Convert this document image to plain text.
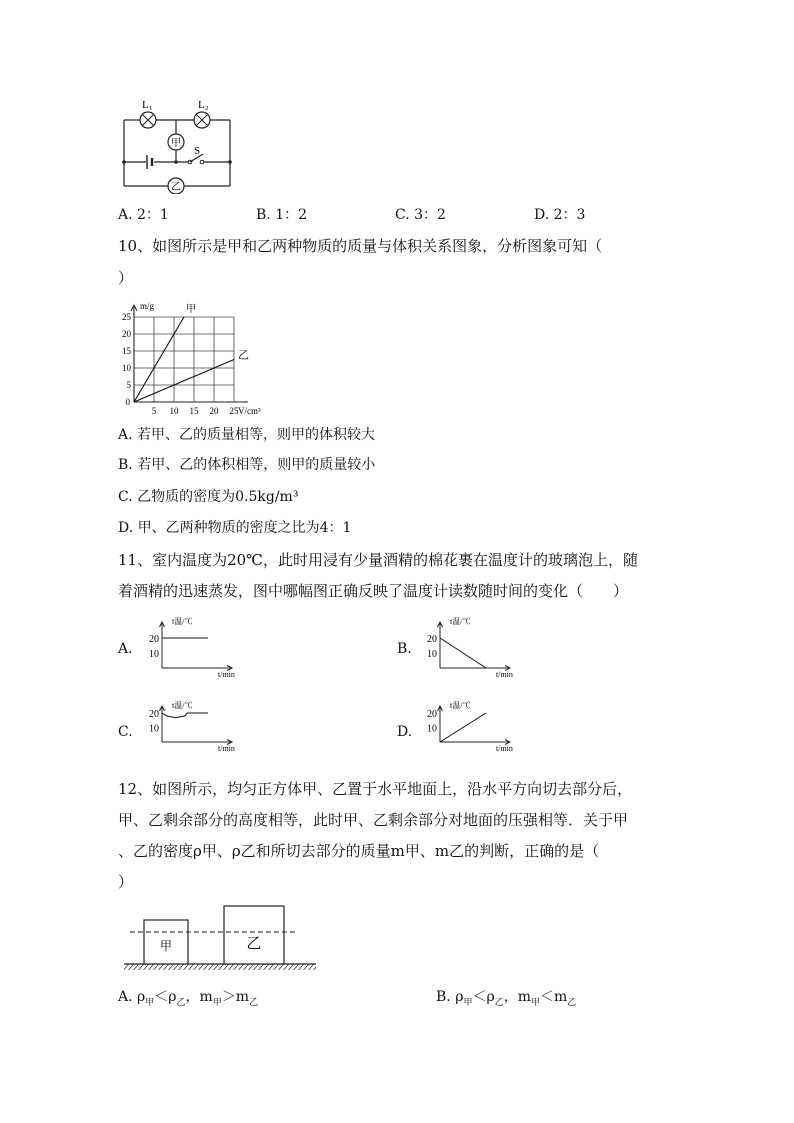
S
L₁	L₂
甲
乙
A. 2：1	B. 1：2	C. 3：2	D. 2：3
10、如图所示是甲和乙两种物质的质量与体积关系图象，分析图象可知（
）
5 10 15 20 25
5
10
15
20
25
0
V/cm³
m/g	甲
乙
A. 若甲、乙的质量相等，则甲的体积较大
B. 若甲、乙的体积相等，则甲的质量较小
C. 乙物质的密度为0.5kg/m³
D. 甲、乙两种物质的密度之比为4：1
11、室内温度为20℃，此时用浸有少量酒精的棉花裹在温度计的玻璃泡上，随
着酒精的迅速蒸发，图中哪幅图正确反映了温度计读数随时间的变化（　　）
A.
t温/℃
t/min
20
10	B.
t温/℃
t/min
20
10
C.
t温/℃
t/min
20
10	D.
t温/℃
t/min
20
10
12、如图所示，均匀正方体甲、乙置于水平地面上，沿水平方向切去部分后，
甲、乙剩余部分的高度相等，此时甲、乙剩余部分对地面的压强相等．关于甲
、乙的密度ρ甲、ρ乙和所切去部分的质量m甲、m乙的判断，正确的是（
）
甲	乙
A. $\rho_甲<\rho_乙$，$m_甲>m_乙$	B. $\rho_甲<\rho_乙$，$m_甲<m_乙$
